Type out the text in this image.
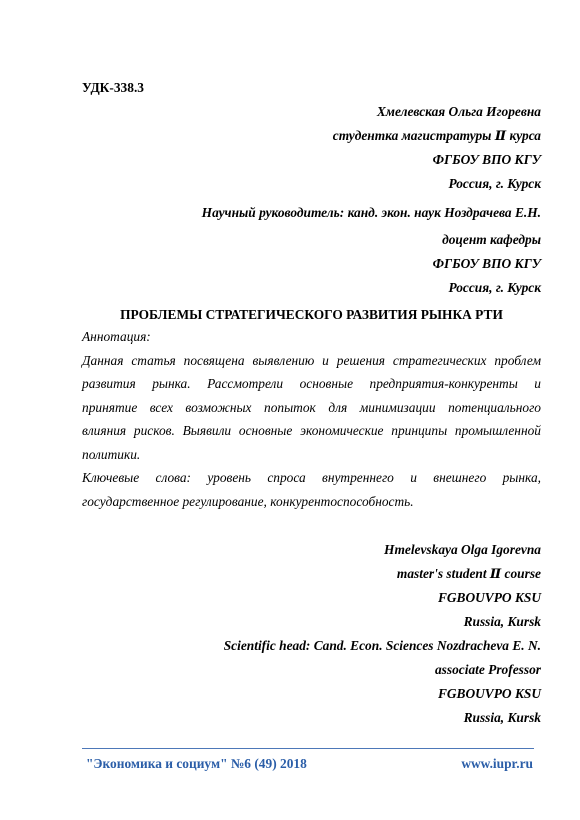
УДК-338.3
Хмелевская Ольга Игоревна
студентка магистратуры Ⅱ курса
ФГБОУ ВПО КГУ
Россия, г. Курск
Научный руководитель: канд. экон. наук Ноздрачева Е.Н.
доцент кафедры
ФГБОУ ВПО КГУ
Россия, г. Курск
ПРОБЛЕМЫ СТРАТЕГИЧЕСКОГО РАЗВИТИЯ РЫНКА РТИ
Аннотация:
Данная статья посвящена выявлению и решения стратегических проблем
развития рынка. Рассмотрели основные предприятия-конкуренты и
принятие всех возможных попыток для минимизации потенциального
влияния рисков. Выявили основные экономические принципы промышленной
политики.
Ключевые слова: уровень спроса внутреннего и внешнего рынка,
государственное регулирование, конкурентоспособность.
Hmelevskaya Olga Igorevna
master's student Ⅱ course
FGBOUVPO KSU
Russia, Kursk
Scientific head: Cand. Econ. Sciences Nozdracheva E. N.
associate Professor
FGBOUVPO KSU
Russia, Kursk
"Экономика и социум" №6 (49) 2018	www.iupr.ru
